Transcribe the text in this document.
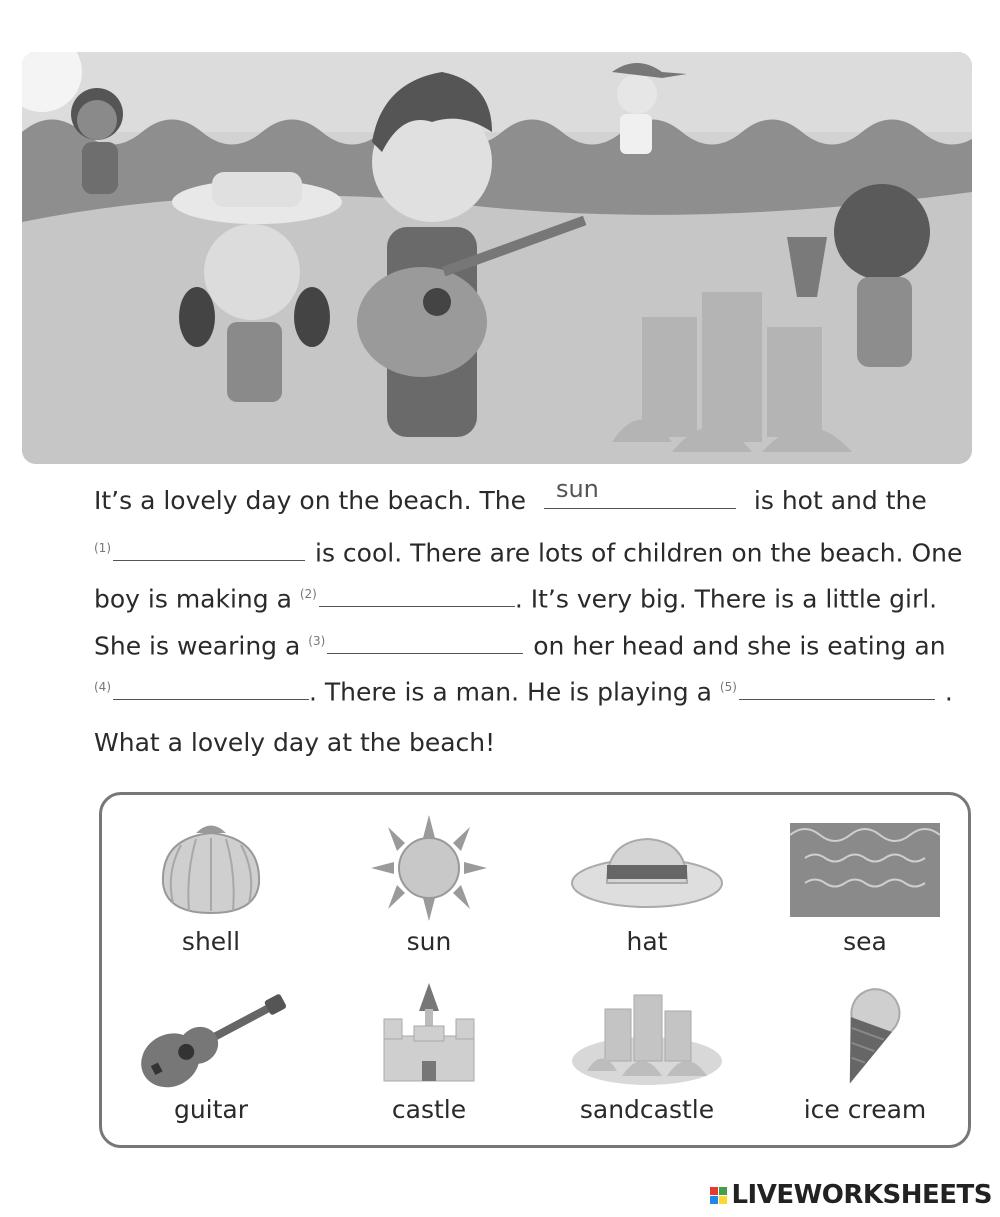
It’s a lovely day on the beach. The sun	is hot and the
$^{(1)}$	is cool. There are lots of children on the beach. One
boy is making a $^{(2)}$	. It’s very big. There is a little girl.
She is wearing a $^{(3)}$	on her head and she is eating an
$^{(4)}$	. There is a man. He is playing a $^{(5)}$	.
What a lovely day at the beach!
shell	sun	hat	sea
guitar	castle	sandcastle	ice cream
LIVEWORKSHEETS
